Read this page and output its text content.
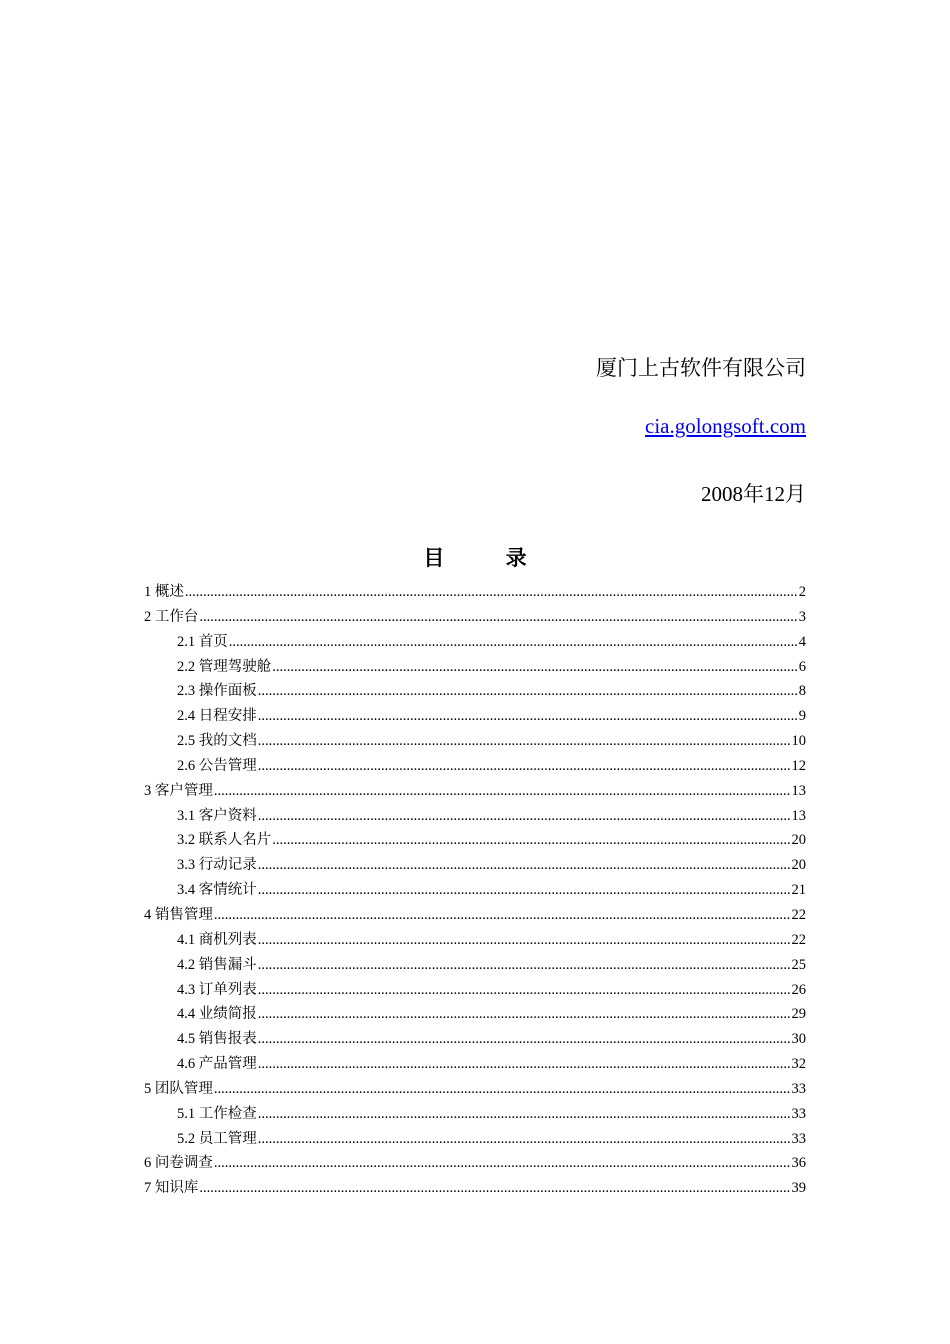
厦门上古软件有限公司
cia.golongsoft.com
2008年12月
目 录
1 概述 .....	2
2 工作台 .....	3
2.1 首页 .....	4
2.2 管理驾驶舱 .....	6
2.3 操作面板 .....	8
2.4 日程安排 .....	9
2.5 我的文档 .....	10
2.6 公告管理 .....	12
3 客户管理 .....	13
3.1 客户资料 .....	13
3.2 联系人名片 .....	20
3.3 行动记录 .....	20
3.4 客情统计 .....	21
4 销售管理 .....	22
4.1 商机列表 .....	22
4.2 销售漏斗 .....	25
4.3 订单列表 .....	26
4.4 业绩简报 .....	29
4.5 销售报表 .....	30
4.6 产品管理 .....	32
5 团队管理 .....	33
5.1 工作检查 .....	33
5.2 员工管理 .....	33
6 问卷调查 .....	36
7 知识库 .....	39
